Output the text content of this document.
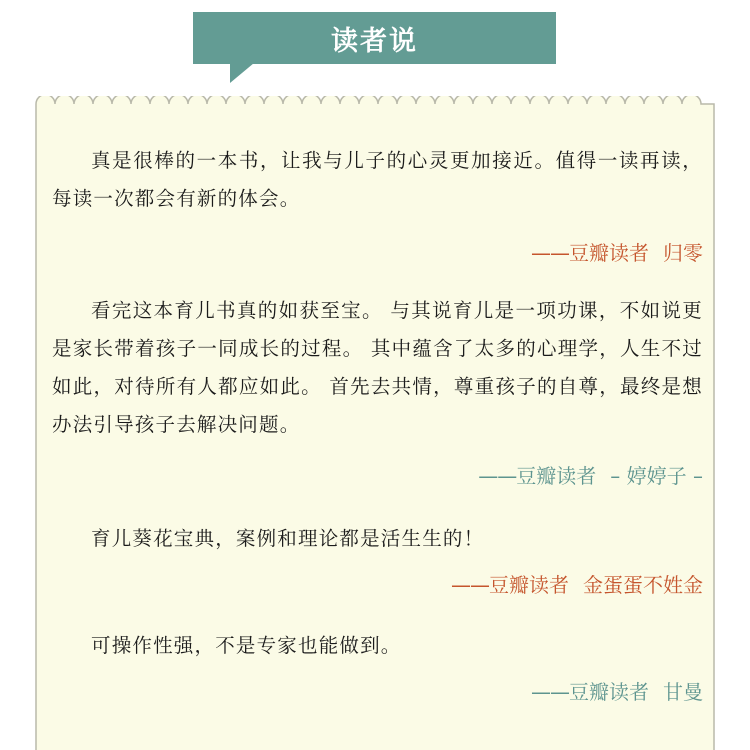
读者说

真是很棒的一本书，让我与儿子的心灵更加接近。值得一读再读，每读一次都会有新的体会。

——豆瓣读者 归零

看完这本育儿书真的如获至宝。 与其说育儿是一项功课，不如说更是家长带着孩子一同成长的过程。 其中蕴含了太多的心理学，人生不过如此，对待所有人都应如此。 首先去共情，尊重孩子的自尊，最终是想办法引导孩子去解决问题。

——豆瓣读者 – 婷婷子 –

育儿葵花宝典，案例和理论都是活生生的！

——豆瓣读者 金蛋蛋不姓金

可操作性强，不是专家也能做到。

——豆瓣读者 甘曼
